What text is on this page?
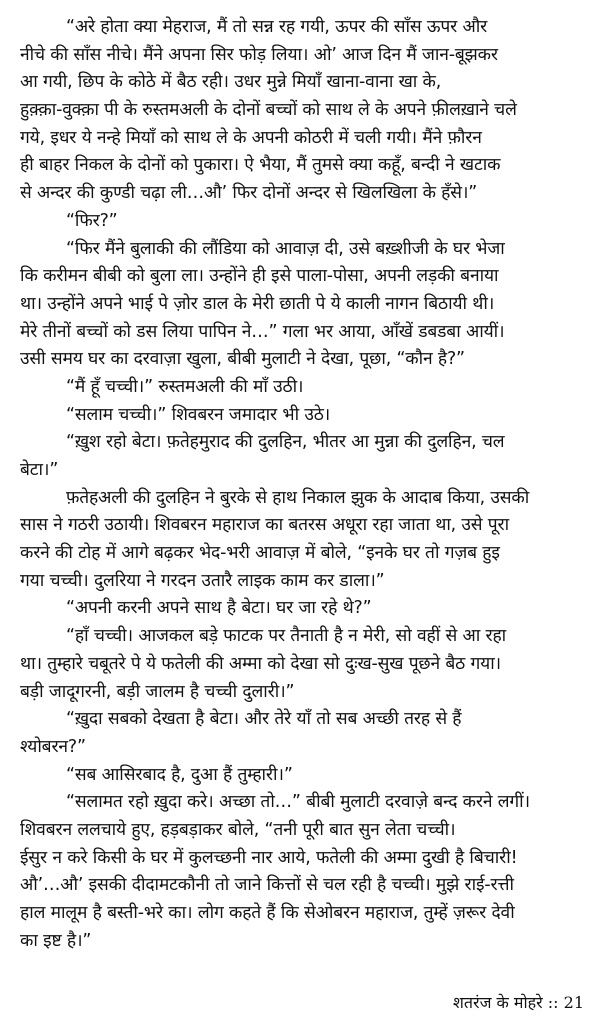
“अरे होता क्या मेहराज, मैं तो सन्न रह गयी, ऊपर की साँस ऊपर और
नीचे की साँस नीचे। मैंने अपना सिर फोड़ लिया। ओ’ आज दिन मैं जान-बूझकर
आ गयी, छिप के कोठे में बैठ रही। उधर मुन्ने मियाँ खाना-वाना खा के,
हुक़्क़ा-वुक्क़ा पी के रुस्तमअली के दोनों बच्चों को साथ ले के अपने फ़ीलख़ाने चले
गये, इधर ये नन्हे मियाँ को साथ ले के अपनी कोठरी में चली गयी। मैंने फ़ौरन
ही बाहर निकल के दोनों को पुकारा। ऐ भैया, मैं तुमसे क्या कहूँ, बन्दी ने खटाक
से अन्दर की कुण्डी चढ़ा ली…औ’ फिर दोनों अन्दर से खिलखिला के हँसे।”
“फिर?”
“फिर मैंने बुलाकी की लौंडिया को आवाज़ दी, उसे बख़्शीजी के घर भेजा
कि करीमन बीबी को बुला ला। उन्होंने ही इसे पाला-पोसा, अपनी लड़की बनाया
था। उन्होंने अपने भाई पे ज़ोर डाल के मेरी छाती पे ये काली नागन बिठायी थी।
मेरे तीनों बच्चों को डस लिया पापिन ने…” गला भर आया, आँखें डबडबा आयीं।
उसी समय घर का दरवाज़ा खुला, बीबी मुलाटी ने देखा, पूछा, “कौन है?”
“मैं हूँ चच्ची।” रुस्तमअली की माँ उठी।
“सलाम चच्ची।” शिवबरन जमादार भी उठे।
“ख़ुश रहो बेटा। फ़तेहमुराद की दुलहिन, भीतर आ मुन्ना की दुलहिन, चल
बेटा।”
फ़तेहअली की दुलहिन ने बुरके से हाथ निकाल झुक के आदाब किया, उसकी
सास ने गठरी उठायी। शिवबरन महाराज का बतरस अधूरा रहा जाता था, उसे पूरा
करने की टोह में आगे बढ़कर भेद-भरी आवाज़ में बोले, “इनके घर तो गज़ब हुइ
गया चच्ची। दुलरिया ने गरदन उतारै लाइक काम कर डाला।”
“अपनी करनी अपने साथ है बेटा। घर जा रहे थे?”
“हाँ चच्ची। आजकल बड़े फाटक पर तैनाती है न मेरी, सो वहीं से आ रहा
था। तुम्हारे चबूतरे पे ये फतेली की अम्मा को देखा सो दुःख-सुख पूछने बैठ गया।
बड़ी जादूगरनी, बड़ी जालम है चच्ची दुलारी।”
“ख़ुदा सबको देखता है बेटा। और तेरे याँ तो सब अच्छी तरह से हैं
श्योबरन?”
“सब आसिरबाद है, दुआ हैं तुम्हारी।”
“सलामत रहो ख़ुदा करे। अच्छा तो…” बीबी मुलाटी दरवाज़े बन्द करने लगीं।
शिवबरन ललचाये हुए, हड़बड़ाकर बोले, “तनी पूरी बात सुन लेता चच्ची।
ईसुर न करे किसी के घर में कुलच्छनी नार आये, फतेली की अम्मा दुखी है बिचारी!
औ’…औ’ इसकी दीदामटकौनी तो जाने कित्तों से चल रही है चच्ची। मुझे राई-रत्ती
हाल मालूम है बस्ती-भरे का। लोग कहते हैं कि सेओबरन महाराज, तुम्हें ज़रूर देवी
का इष्ट है।”
शतरंज के मोहरे :: 21
